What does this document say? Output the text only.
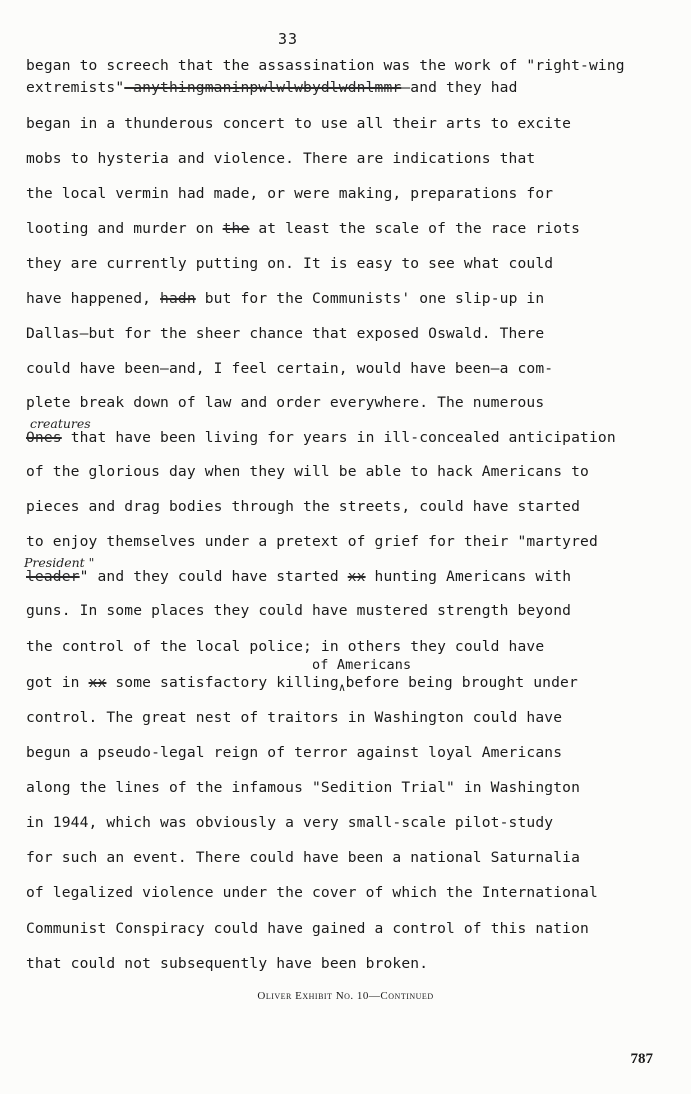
33
began to screech that the assassination was the work of "right-wing
extremists"—anythingmaninpwlwlwbydlwdnlmmr—and they had
began in a thunderous concert to use all their arts to excite
mobs to hysteria and violence. There are indications that
the local vermin had made, or were making, preparations for
looting and murder on the at least the scale of the race riots
they are currently putting on. It is easy to see what could
have happened, hadn but for the Communists' one slip-up in
Dallas—but for the sheer chance that exposed Oswald. There
could have been—and, I feel certain, would have been—a com-
plete break down of law and order everywhere. The numerous
creatures
Ones that have been living for years in ill-concealed anticipation
of the glorious day when they will be able to hack Americans to
pieces and drag bodies through the streets, could have started
to enjoy themselves under a pretext of grief for their "martyred
President "
leader" and they could have started xx hunting Americans with
guns. In some places they could have mustered strength beyond
the control of the local police; in others they could have
of Americans
got in xx some satisfactory killing$_\wedge$before being brought under
control. The great nest of traitors in Washington could have
begun a pseudo-legal reign of terror against loyal Americans
along the lines of the infamous "Sedition Trial" in Washington
in 1944, which was obviously a very small-scale pilot-study
for such an event. There could have been a national Saturnalia
of legalized violence under the cover of which the International
Communist Conspiracy could have gained a control of this nation
that could not subsequently have been broken.
Oliver Exhibit No. 10—Continued
787
